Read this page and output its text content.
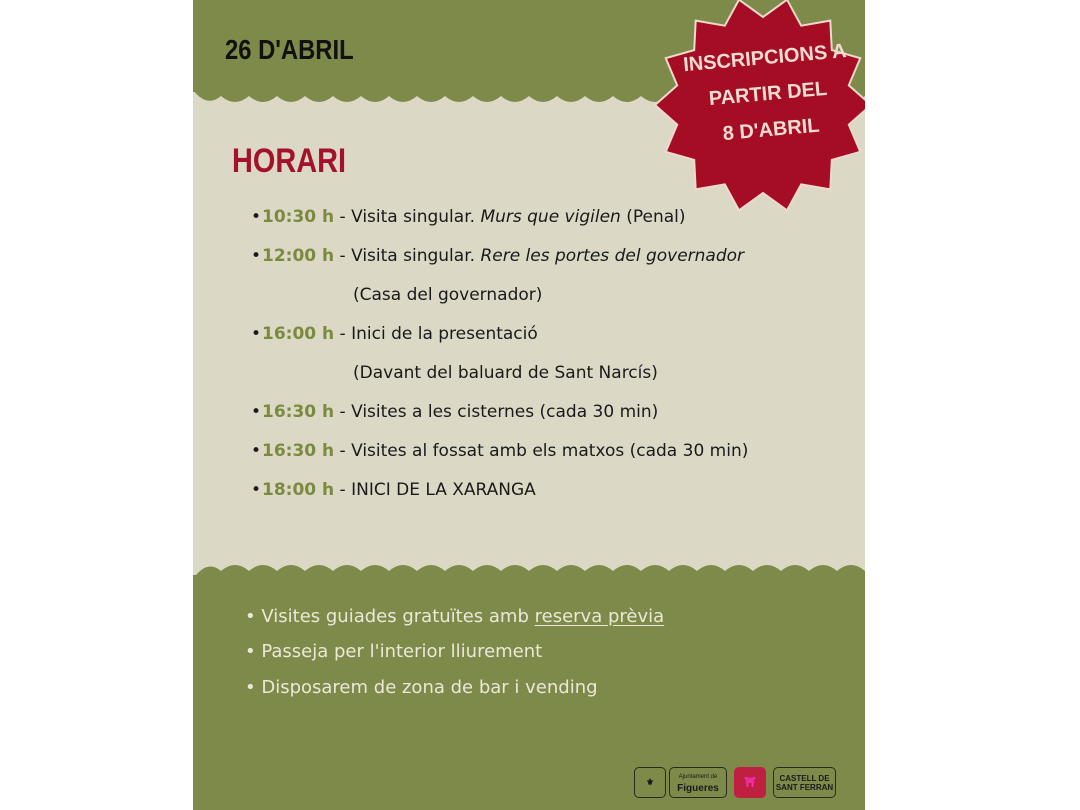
26 D'ABRIL	INSCRIPCIONS A
PARTIR DEL
8 D'ABRIL
HORARI
•10:30 h - Visita singular. Murs que vigilen (Penal)
•12:00 h - Visita singular. Rere les portes del governador
(Casa del governador)
•16:00 h - Inici de la presentació
(Davant del baluard de Sant Narcís)
•16:30 h - Visites a les cisternes (cada 30 min)
•16:30 h - Visites al fossat amb els matxos (cada 30 min)
•18:00 h - INICI DE LA XARANGA
• Visites guiades gratuïtes amb reserva prèvia
• Passeja per l'interior lliurement
• Disposarem de zona de bar i vending
⚜
Ajuntament de
Figueres
⛩	CASTELL DE SANT FERRAN
